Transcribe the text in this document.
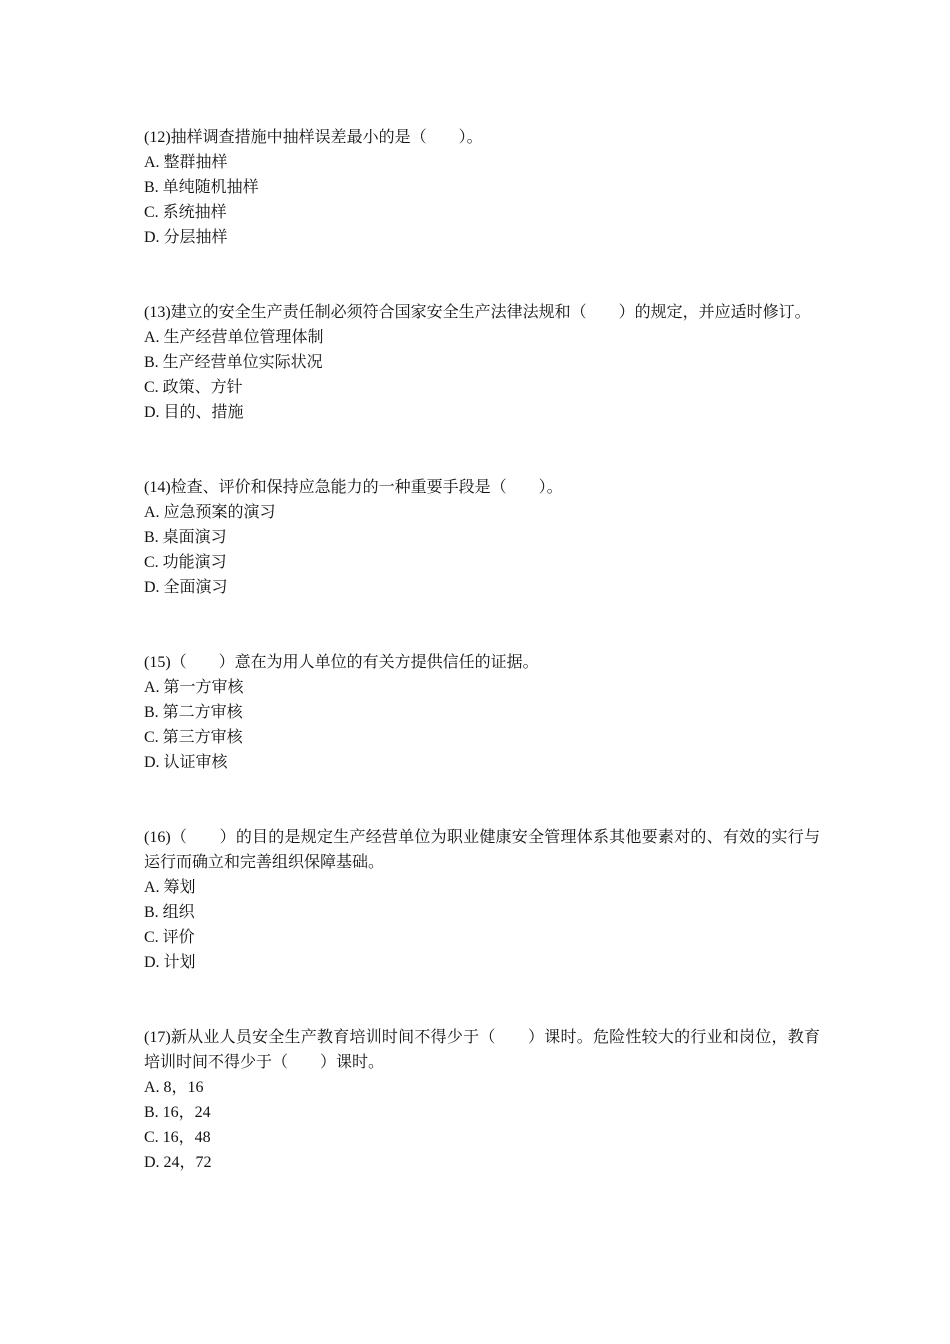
(12)抽样调查措施中抽样误差最小的是（　　）。

A. 整群抽样
B. 单纯随机抽样
C. 系统抽样
D. 分层抽样

(13)建立的安全生产责任制必须符合国家安全生产法律法规和（　　）的规定，并应适时修订。

A. 生产经营单位管理体制
B. 生产经营单位实际状况
C. 政策、方针
D. 目的、措施

(14)检查、评价和保持应急能力的一种重要手段是（　　）。

A. 应急预案的演习
B. 桌面演习
C. 功能演习
D. 全面演习

(15)（　　）意在为用人单位的有关方提供信任的证据。

A. 第一方审核
B. 第二方审核
C. 第三方审核
D. 认证审核

(16)（　　）的目的是规定生产经营单位为职业健康安全管理体系其他要素对的、有效的实行与运行而确立和完善组织保障基础。

A. 筹划
B. 组织
C. 评价
D. 计划

(17)新从业人员安全生产教育培训时间不得少于（　　）课时。危险性较大的行业和岗位，教育培训时间不得少于（　　）课时。

A. 8，16
B. 16，24
C. 16，48
D. 24，72
